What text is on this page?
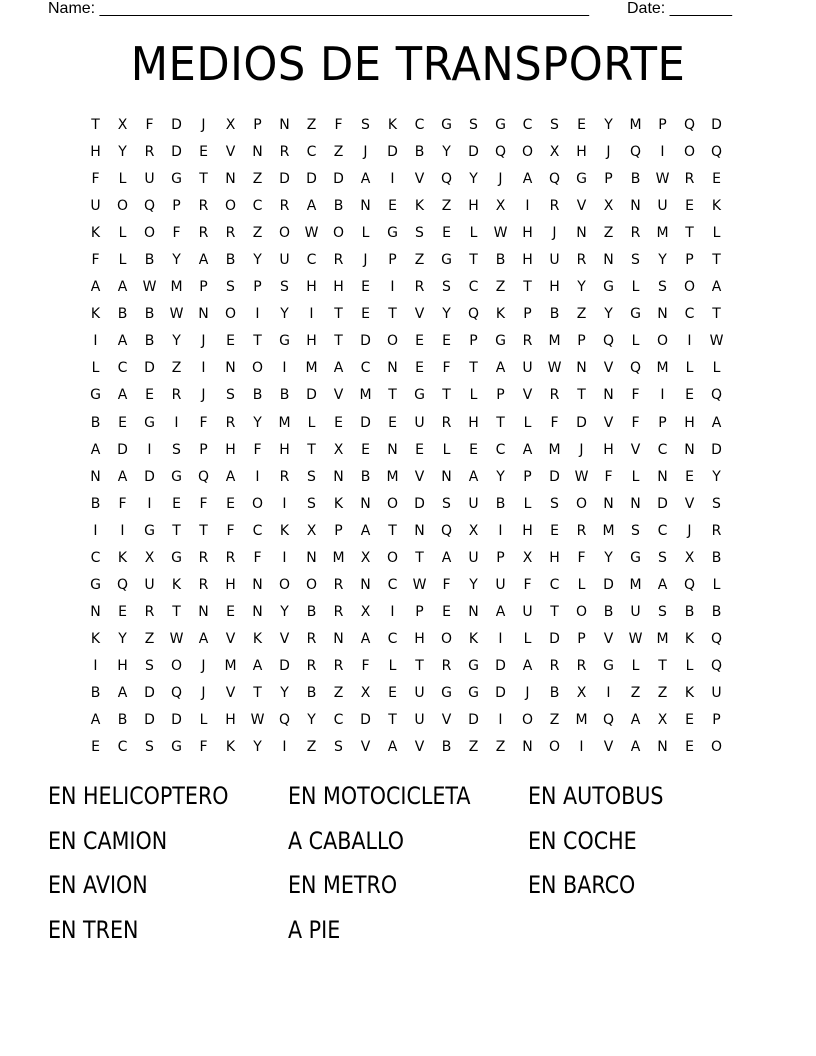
Name: _______________________________________________________ Date: _______
MEDIOS DE TRANSPORTE
T	X	F	D	J	X	P	N	Z	F	S	K	C	G	S	G	C	S	E	Y	M	P	Q	D
H	Y	R	D	E	V	N	R	C	Z	J	D	B	Y	D	Q	O	X	H	J	Q	I	O	Q
F	L	U	G	T	N	Z	D	D	D	A	I	V	Q	Y	J	A	Q	G	P	B	W	R	E
U	O	Q	P	R	O	C	R	A	B	N	E	K	Z	H	X	I	R	V	X	N	U	E	K
K	L	O	F	R	R	Z	O	W	O	L	G	S	E	L	W	H	J	N	Z	R	M	T	L
F	L	B	Y	A	B	Y	U	C	R	J	P	Z	G	T	B	H	U	R	N	S	Y	P	T
A	A	W	M	P	S	P	S	H	H	E	I	R	S	C	Z	T	H	Y	G	L	S	O	A
K	B	B	W	N	O	I	Y	I	T	E	T	V	Y	Q	K	P	B	Z	Y	G	N	C	T
I	A	B	Y	J	E	T	G	H	T	D	O	E	E	P	G	R	M	P	Q	L	O	I	W
L	C	D	Z	I	N	O	I	M	A	C	N	E	F	T	A	U	W	N	V	Q	M	L	L
G	A	E	R	J	S	B	B	D	V	M	T	G	T	L	P	V	R	T	N	F	I	E	Q
B	E	G	I	F	R	Y	M	L	E	D	E	U	R	H	T	L	F	D	V	F	P	H	A
A	D	I	S	P	H	F	H	T	X	E	N	E	L	E	C	A	M	J	H	V	C	N	D
N	A	D	G	Q	A	I	R	S	N	B	M	V	N	A	Y	P	D	W	F	L	N	E	Y
B	F	I	E	F	E	O	I	S	K	N	O	D	S	U	B	L	S	O	N	N	D	V	S
I	I	G	T	T	F	C	K	X	P	A	T	N	Q	X	I	H	E	R	M	S	C	J	R
C	K	X	G	R	R	F	I	N	M	X	O	T	A	U	P	X	H	F	Y	G	S	X	B
G	Q	U	K	R	H	N	O	O	R	N	C	W	F	Y	U	F	C	L	D	M	A	Q	L
N	E	R	T	N	E	N	Y	B	R	X	I	P	E	N	A	U	T	O	B	U	S	B	B
K	Y	Z	W	A	V	K	V	R	N	A	C	H	O	K	I	L	D	P	V	W	M	K	Q
I	H	S	O	J	M	A	D	R	R	F	L	T	R	G	D	A	R	R	G	L	T	L	Q
B	A	D	Q	J	V	T	Y	B	Z	X	E	U	G	G	D	J	B	X	I	Z	Z	K	U
A	B	D	D	L	H	W	Q	Y	C	D	T	U	V	D	I	O	Z	M	Q	A	X	E	P
E	C	S	G	F	K	Y	I	Z	S	V	A	V	B	Z	Z	N	O	I	V	A	N	E	O
EN HELICOPTERO	EN MOTOCICLETA	EN AUTOBUS
EN CAMION	A CABALLO	EN COCHE
EN AVION	EN METRO	EN BARCO
EN TREN	A PIE
